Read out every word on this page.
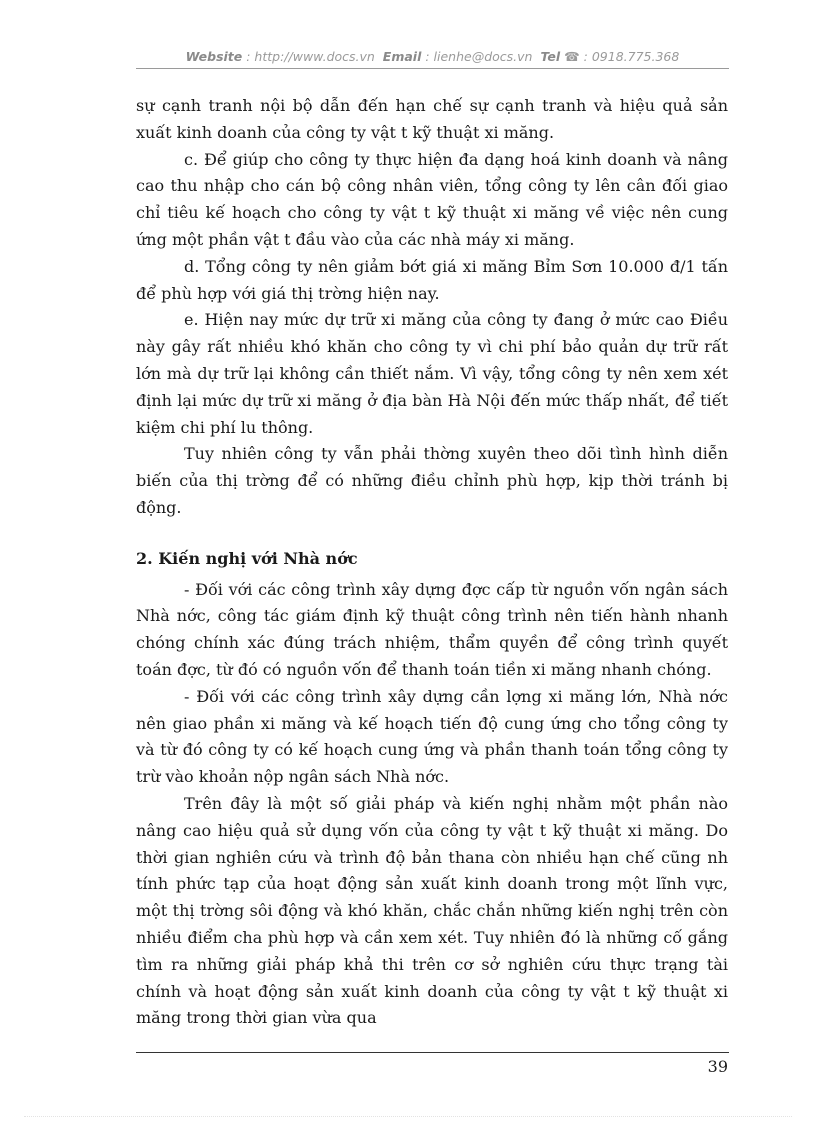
Website : http://www.docs.vn Email : lienhe@docs.vn Tel ☎ : 0918.775.368

sự cạnh tranh nội bộ dẫn đến hạn chế sự cạnh tranh và hiệu quả sản xuất kinh doanh của công ty vật t kỹ thuật xi măng.

c. Để giúp cho công ty thực hiện đa dạng hoá kinh doanh và nâng cao thu nhập cho cán bộ công nhân viên, tổng công ty lên cân đối giao chỉ tiêu kế hoạch cho công ty vật t kỹ thuật xi măng về việc nên cung ứng một phần vật t đầu vào của các nhà máy xi măng.

d. Tổng công ty nên giảm bớt giá xi măng Bỉm Sơn 10.000 đ/1 tấn để phù hợp với giá thị trờng hiện nay.

e. Hiện nay mức dự trữ xi măng của công ty đang ở mức cao Điều này gây rất nhiều khó khăn cho công ty vì chi phí bảo quản dự trữ rất lớn mà dự trữ lại không cần thiết nắm. Vì vậy, tổng công ty nên xem xét định lại mức dự trữ xi măng ở địa bàn Hà Nội đến mức thấp nhất, để tiết kiệm chi phí lu thông.

Tuy nhiên công ty vẫn phải thờng xuyên theo dõi tình hình diễn biến của thị trờng để có những điều chỉnh phù hợp, kịp thời tránh bị động.

2. Kiến nghị với Nhà nớc

- Đối với các công trình xây dựng đợc cấp từ nguồn vốn ngân sách Nhà nớc, công tác giám định kỹ thuật công trình nên tiến hành nhanh chóng chính xác đúng trách nhiệm, thẩm quyền để công trình quyết toán đợc, từ đó có nguồn vốn để thanh toán tiền xi măng nhanh chóng.

- Đối với các công trình xây dựng cần lợng xi măng lớn, Nhà nớc nên giao phần xi măng và kế hoạch tiến độ cung ứng cho tổng công ty và từ đó công ty có kế hoạch cung ứng và phần thanh toán tổng công ty trừ vào khoản nộp ngân sách Nhà nớc.

Trên đây là một số giải pháp và kiến nghị nhằm một phần nào nâng cao hiệu quả sử dụng vốn của công ty vật t kỹ thuật xi măng. Do thời gian nghiên cứu và trình độ bản thana còn nhiều hạn chế cũng nh tính phức tạp của hoạt động sản xuất kinh doanh trong một lĩnh vực, một thị trờng sôi động và khó khăn, chắc chắn những kiến nghị trên còn nhiều điểm cha phù hợp và cần xem xét. Tuy nhiên đó là những cố gắng tìm ra những giải pháp khả thi trên cơ sở nghiên cứu thực trạng tài chính và hoạt động sản xuất kinh doanh của công ty vật t kỹ thuật xi măng trong thời gian vừa qua

39
